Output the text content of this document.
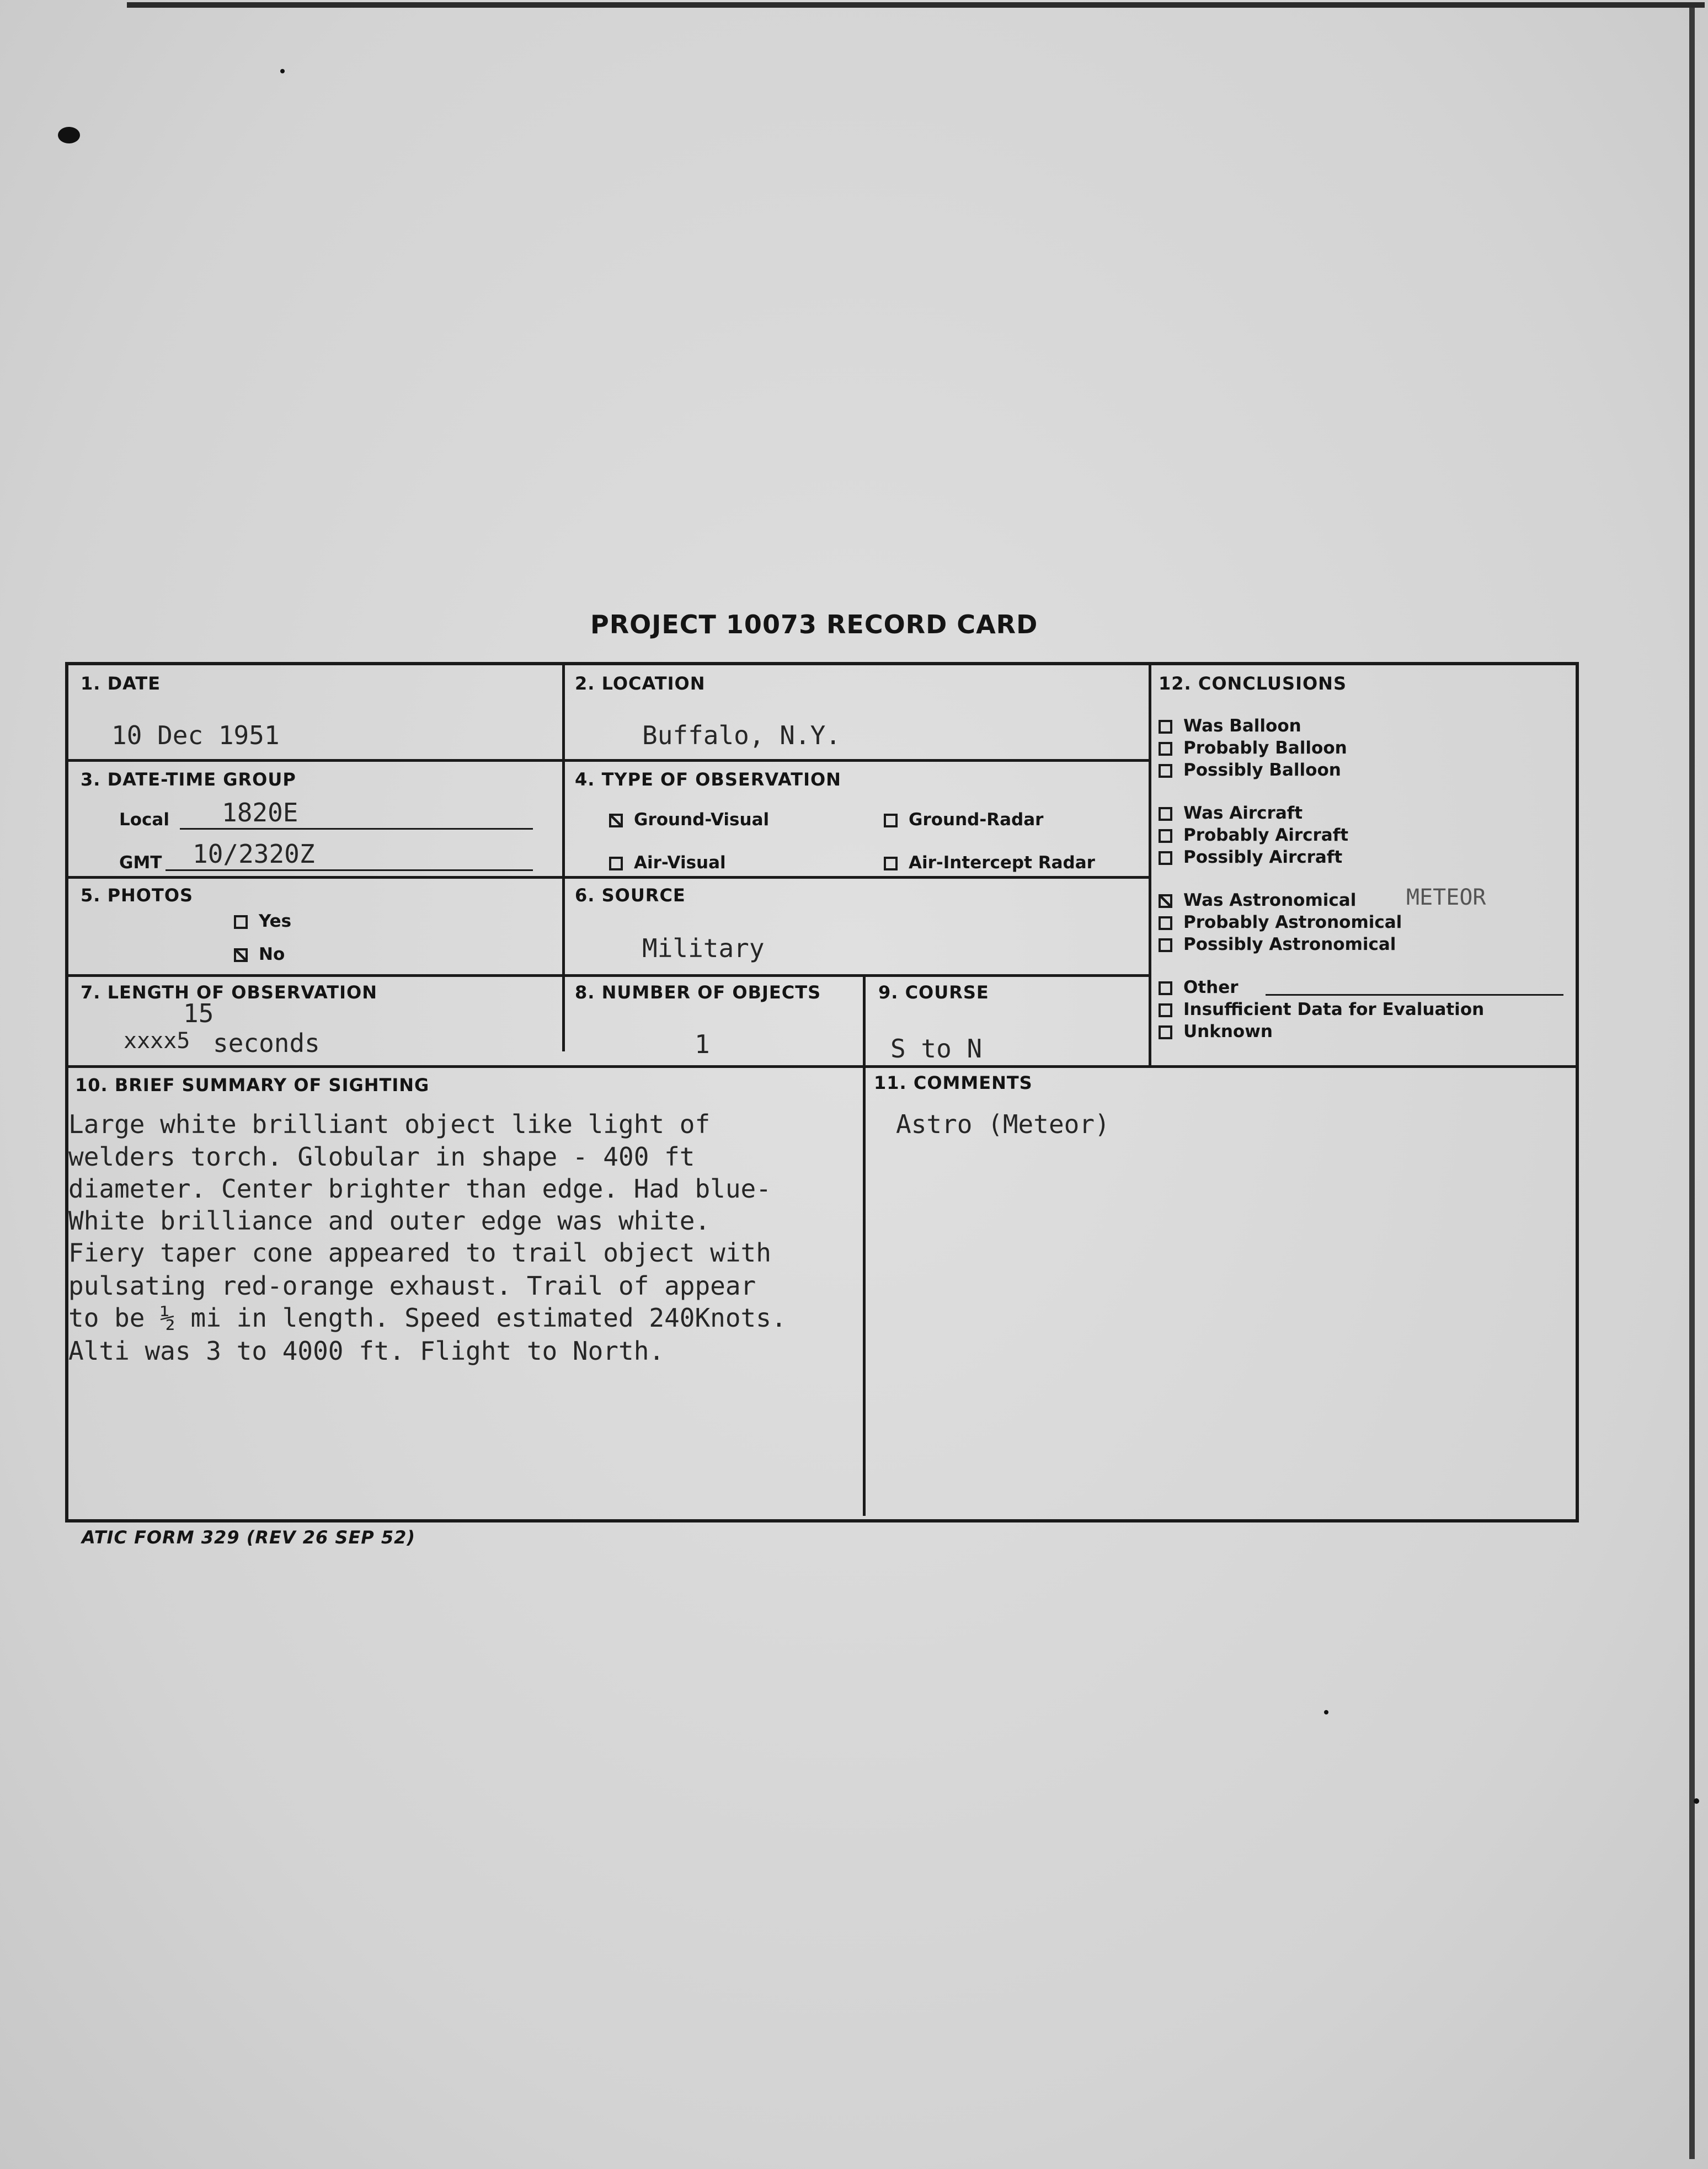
PROJECT 10073 RECORD CARD
1. DATE
10 Dec 1951
2. LOCATION
Buffalo, N.Y.
3. DATE-TIME GROUP
Local 1820E
GMT 10/2320Z
4. TYPE OF OBSERVATION
Ground-Visual	Ground-Radar
Air-Visual	Air-Intercept Radar
5. PHOTOS
Yes
No
6. SOURCE
Military
7. LENGTH OF OBSERVATION
15
xxxx5 seconds
8. NUMBER OF OBJECTS
1
9. COURSE
S to N
10. BRIEF SUMMARY OF SIGHTING
Large white brilliant object like light of
welders torch. Globular in shape - 400 ft
diameter. Center brighter than edge. Had blue-
White brilliance and outer edge was white.
Fiery taper cone appeared to trail object with
pulsating red-orange exhaust. Trail of appear
to be ½ mi in length. Speed estimated 240Knots.
Alti was 3 to 4000 ft. Flight to North.
11. COMMENTS
Astro (Meteor)
12. CONCLUSIONS
Was Balloon
Probably Balloon
Possibly Balloon
Was Aircraft
Probably Aircraft
Possibly Aircraft
Was Astronomical METEOR
Probably Astronomical
Possibly Astronomical
Other
Insufficient Data for Evaluation
Unknown
ATIC FORM 329 (REV 26 SEP 52)
